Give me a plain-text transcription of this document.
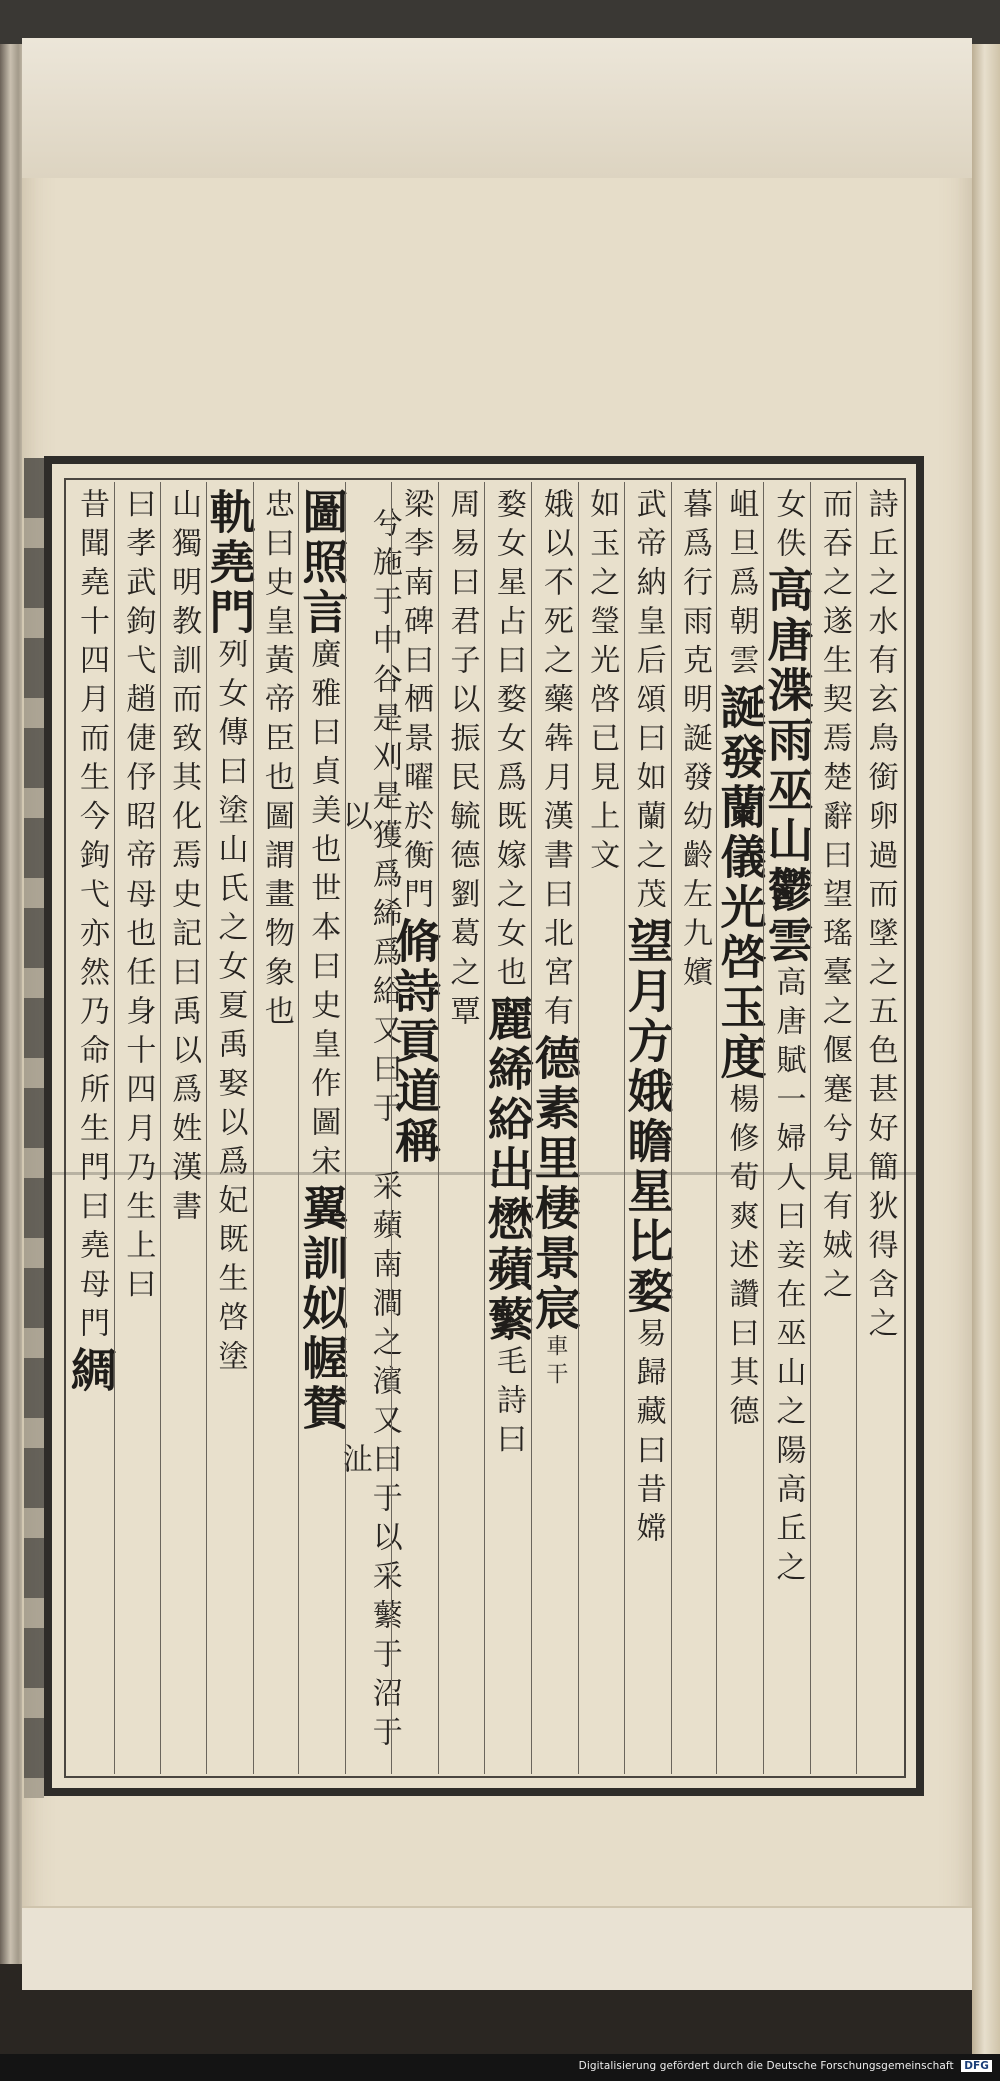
詩丘之水有玄鳥銜卵過而墜
之五色甚好簡狄得含之
而吞之遂生契焉楚辭曰望
瑤臺之偃蹇兮見有娀之
女佚
高唐渫雨巫山鬱雲
高唐賦一婦人曰妾在巫山之陽高丘之
岨旦爲朝雲
誕發蘭儀光啓玉度
楊修荀爽述讚曰其德
暮爲行雨
克明誕發幼齡左九嬪
武帝納皇后頌曰如蘭之茂
望月方娥瞻星比婺
易歸藏曰昔嫦
如玉之瑩光啓已見上文
娥以不死之藥犇月漢書曰北宮有
德素里棲景宸
車干
婺女星占曰婺女爲既嫁之女也
麗絺綌出懋蘋蘩
毛詩曰
周易曰君子以振民毓德劉
葛之覃
梁李南碑曰栖景曜於衡門
脩詩貢道稱
兮施于中谷是刈是獲爲絺爲綌又曰于以
采蘋南澗之濱又曰于以采蘩于沼于沚
圖照言
廣雅曰貞美也世本曰史皇作圖宋
翼訓姒幄賛
忠曰史皇黃帝臣也圖謂畫物象也
軌堯門
列女傳曰塗山氏之女夏禹娶以爲妃既生啓塗
山獨明教訓而致其化焉史記曰禹以爲姓漢書
曰孝武鉤弋趙倢伃昭帝母也任身十四月乃生上曰
昔聞堯十四月而生今鉤弋亦然乃命所生門曰堯母門
綢
Digitalisierung gefördert durch die Deutsche Forschungsgemeinschaft DFG
